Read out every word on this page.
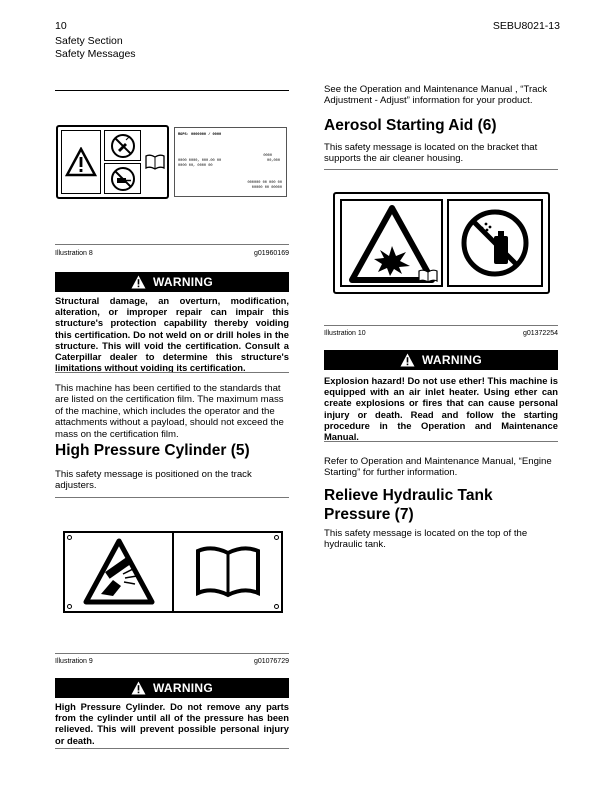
10	SEBU8021-13
Safety Section
Safety Messages
ROPS: 0000000 / 0000
0000 0000, 000.00 00
0000 00, 0000 00
0000
00,000
000000 00 000 00
00000 00 00000
Illustration 8	g01960169
WARNING
Structural damage, an overturn, modification, alteration, or improper repair can impair this structure's protection capability thereby voiding this certification. Do not weld on or drill holes in the structure. This will void the certification. Consult a Caterpillar dealer to determine this structure's limitations without voiding its certification.
This machine has been certified to the standards that are listed on the certification film. The maximum mass of the machine, which includes the operator and the attachments without a payload, should not exceed the mass on the certification film.
High Pressure Cylinder (5)
This safety message is positioned on the track adjusters.
Illustration 9	g01076729
WARNING
High Pressure Cylinder. Do not remove any parts from the cylinder until all of the pressure has been relieved. This will prevent possible personal injury or death.
See the Operation and Maintenance Manual , “Track Adjustment - Adjust” information for your product.
Aerosol Starting Aid (6)
This safety message is located on the bracket that supports the air cleaner housing.
Illustration 10	g01372254
WARNING
Explosion hazard! Do not use ether! This machine is equipped with an air inlet heater. Using ether can create explosions or fires that can cause personal injury or death. Read and follow the starting procedure in the Operation and Maintenance Manual.
Refer to Operation and Maintenance Manual, “Engine Starting” for further information.
Relieve Hydraulic Tank Pressure (7)
This safety message is located on the top of the hydraulic tank.
